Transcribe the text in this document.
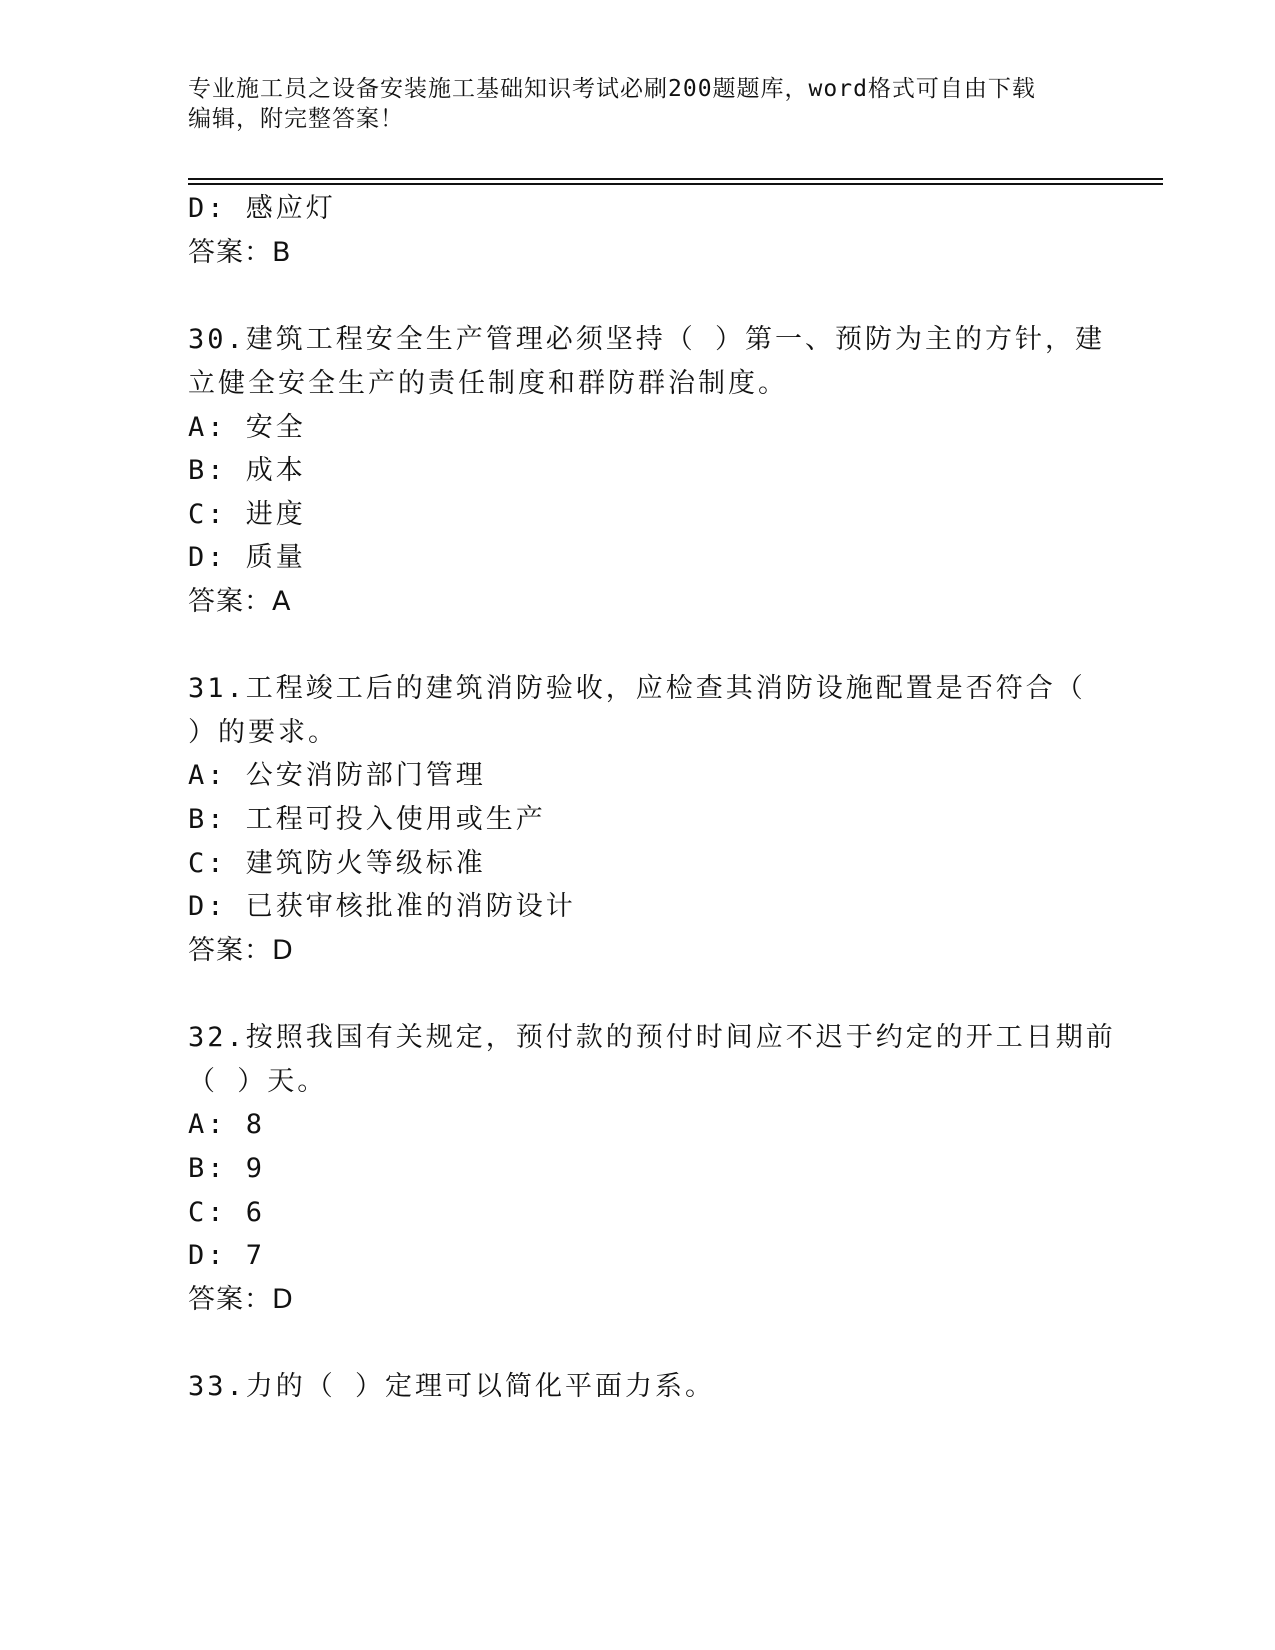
专业施工员之设备安装施工基础知识考试必刷200题题库，word格式可自由下载
编辑，附完整答案！
D: 感应灯
答案：B
30.建筑工程安全生产管理必须坚持（ ）第一、预防为主的方针，建
立健全安全生产的责任制度和群防群治制度。
A: 安全
B: 成本
C: 进度
D: 质量
答案：A
31.工程竣工后的建筑消防验收，应检查其消防设施配置是否符合（
）的要求。
A: 公安消防部门管理
B: 工程可投入使用或生产
C: 建筑防火等级标准
D: 已获审核批准的消防设计
答案：D
32.按照我国有关规定，预付款的预付时间应不迟于约定的开工日期前
（ ）天。
A: 8
B: 9
C: 6
D: 7
答案：D
33.力的（ ）定理可以简化平面力系。
